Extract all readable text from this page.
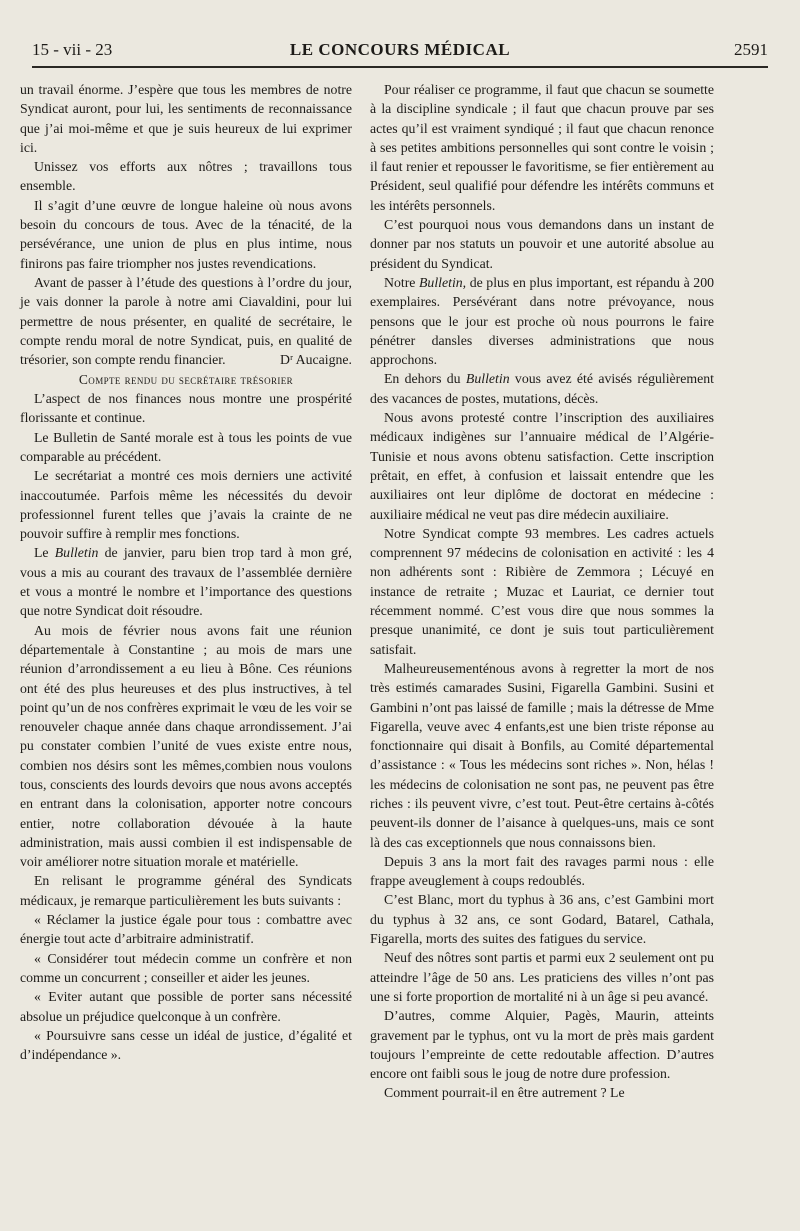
15 - vii - 23	LE CONCOURS MÉDICAL	2591

un travail énorme. J’espère que tous les membres de notre Syndicat auront, pour lui, les sentiments de reconnaissance que j’ai moi-même et que je suis heureux de lui exprimer ici.

Unissez vos efforts aux nôtres ; travaillons tous ensemble.

Il s’agit d’une œuvre de longue haleine où nous avons besoin du concours de tous. Avec de la ténacité, de la persévérance, une union de plus en plus intime, nous finirons pas faire triompher nos justes revendications.

Avant de passer à l’étude des questions à l’ordre du jour, je vais donner la parole à notre ami Ciavaldini, pour lui permettre de nous présenter, en qualité de secrétaire, le compte rendu moral de notre Syndicat, puis, en qualité de trésorier, son compte rendu financier.	Dʳ Aucaigne.

Compte rendu du secrétaire trésorier

L’aspect de nos finances nous montre une prospérité florissante et continue.

Le Bulletin de Santé morale est à tous les points de vue comparable au précédent.

Le secrétariat a montré ces mois derniers une activité inaccoutumée. Parfois même les nécessités du devoir professionnel furent telles que j’avais la crainte de ne pouvoir suffire à remplir mes fonctions.

Le Bulletin de janvier, paru bien trop tard à mon gré, vous a mis au courant des travaux de l’assemblée dernière et vous a montré le nombre et l’importance des questions que notre Syndicat doit résoudre.

Au mois de février nous avons fait une réunion départementale à Constantine ; au mois de mars une réunion d’arrondissement a eu lieu à Bône. Ces réunions ont été des plus heureuses et des plus instructives, à tel point qu’un de nos confrères exprimait le vœu de les voir se renouveler chaque année dans chaque arrondissement. J’ai pu constater combien l’unité de vues existe entre nous, combien nos désirs sont les mêmes,combien nous voulons tous, conscients des lourds devoirs que nous avons acceptés en entrant dans la colonisation, apporter notre concours entier, notre collaboration dévouée à la haute administration, mais aussi combien il est indispensable de voir améliorer notre situation morale et matérielle.

En relisant le programme général des Syndicats médicaux, je remarque particulièrement les buts suivants :

« Réclamer la justice égale pour tous : combattre avec énergie tout acte d’arbitraire administratif.

« Considérer tout médecin comme un confrère et non comme un concurrent ; conseiller et aider les jeunes.

« Eviter autant que possible de porter sans nécessité absolue un préjudice quelconque à un confrère.

« Poursuivre sans cesse un idéal de justice, d’égalité et d’indépendance ».

Pour réaliser ce programme, il faut que chacun se soumette à la discipline syndicale ; il faut que chacun prouve par ses actes qu’il est vraiment syndiqué ; il faut que chacun renonce à ses petites ambitions personnelles qui sont contre le voisin ; il faut renier et repousser le favoritisme, se fier entièrement au Président, seul qualifié pour défendre les intérêts communs et les intérêts personnels.

C’est pourquoi nous vous demandons dans un instant de donner par nos statuts un pouvoir et une autorité absolue au président du Syndicat.

Notre Bulletin, de plus en plus important, est répandu à 200 exemplaires. Persévérant dans notre prévoyance, nous pensons que le jour est proche où nous pourrons le faire pénétrer dansles diverses administrations que nous approchons.

En dehors du Bulletin vous avez été avisés régulièrement des vacances de postes, mutations, décès.

Nous avons protesté contre l’inscription des auxiliaires médicaux indigènes sur l’annuaire médical de l’Algérie-Tunisie et nous avons obtenu satisfaction. Cette inscription prêtait, en effet, à confusion et laissait entendre que les auxiliaires ont leur diplôme de doctorat en médecine : auxiliaire médical ne veut pas dire médecin auxiliaire.

Notre Syndicat compte 93 membres. Les cadres actuels comprennent 97 médecins de colonisation en activité : les 4 non adhérents sont : Ribière de Zemmora ; Lécuyé en instance de retraite ; Muzac et Lauriat, ce dernier tout récemment nommé. C’est vous dire que nous sommes la presque unanimité, ce dont je suis tout particulièrement satisfait.

Malheureusementénous avons à regretter la mort de nos très estimés camarades Susini, Figarella Gambini. Susini et Gambini n’ont pas laissé de famille ; mais la détresse de Mme Figarella, veuve avec 4 enfants,est une bien triste réponse au fonctionnaire qui disait à Bonfils, au Comité départemental d’assistance : « Tous les médecins sont riches ». Non, hélas ! les médecins de colonisation ne sont pas, ne peuvent pas être riches : ils peuvent vivre, c’est tout. Peut-être certains à-côtés peuvent-ils donner de l’aisance à quelques-uns, mais ce sont là des cas exceptionnels que nous connaissons bien.

Depuis 3 ans la mort fait des ravages parmi nous : elle frappe aveuglement à coups redoublés.

C’est Blanc, mort du typhus à 36 ans, c’est Gambini mort du typhus à 32 ans, ce sont Godard, Batarel, Cathala, Figarella, morts des suites des fatigues du service.

Neuf des nôtres sont partis et parmi eux 2 seulement ont pu atteindre l’âge de 50 ans. Les praticiens des villes n’ont pas une si forte proportion de mortalité ni à un âge si peu avancé.

D’autres, comme Alquier, Pagès, Maurin, atteints gravement par le typhus, ont vu la mort de près mais gardent toujours l’empreinte de cette redoutable affection. D’autres encore ont faibli sous le joug de notre dure profession.

Comment pourrait-il en être autrement ? Le
